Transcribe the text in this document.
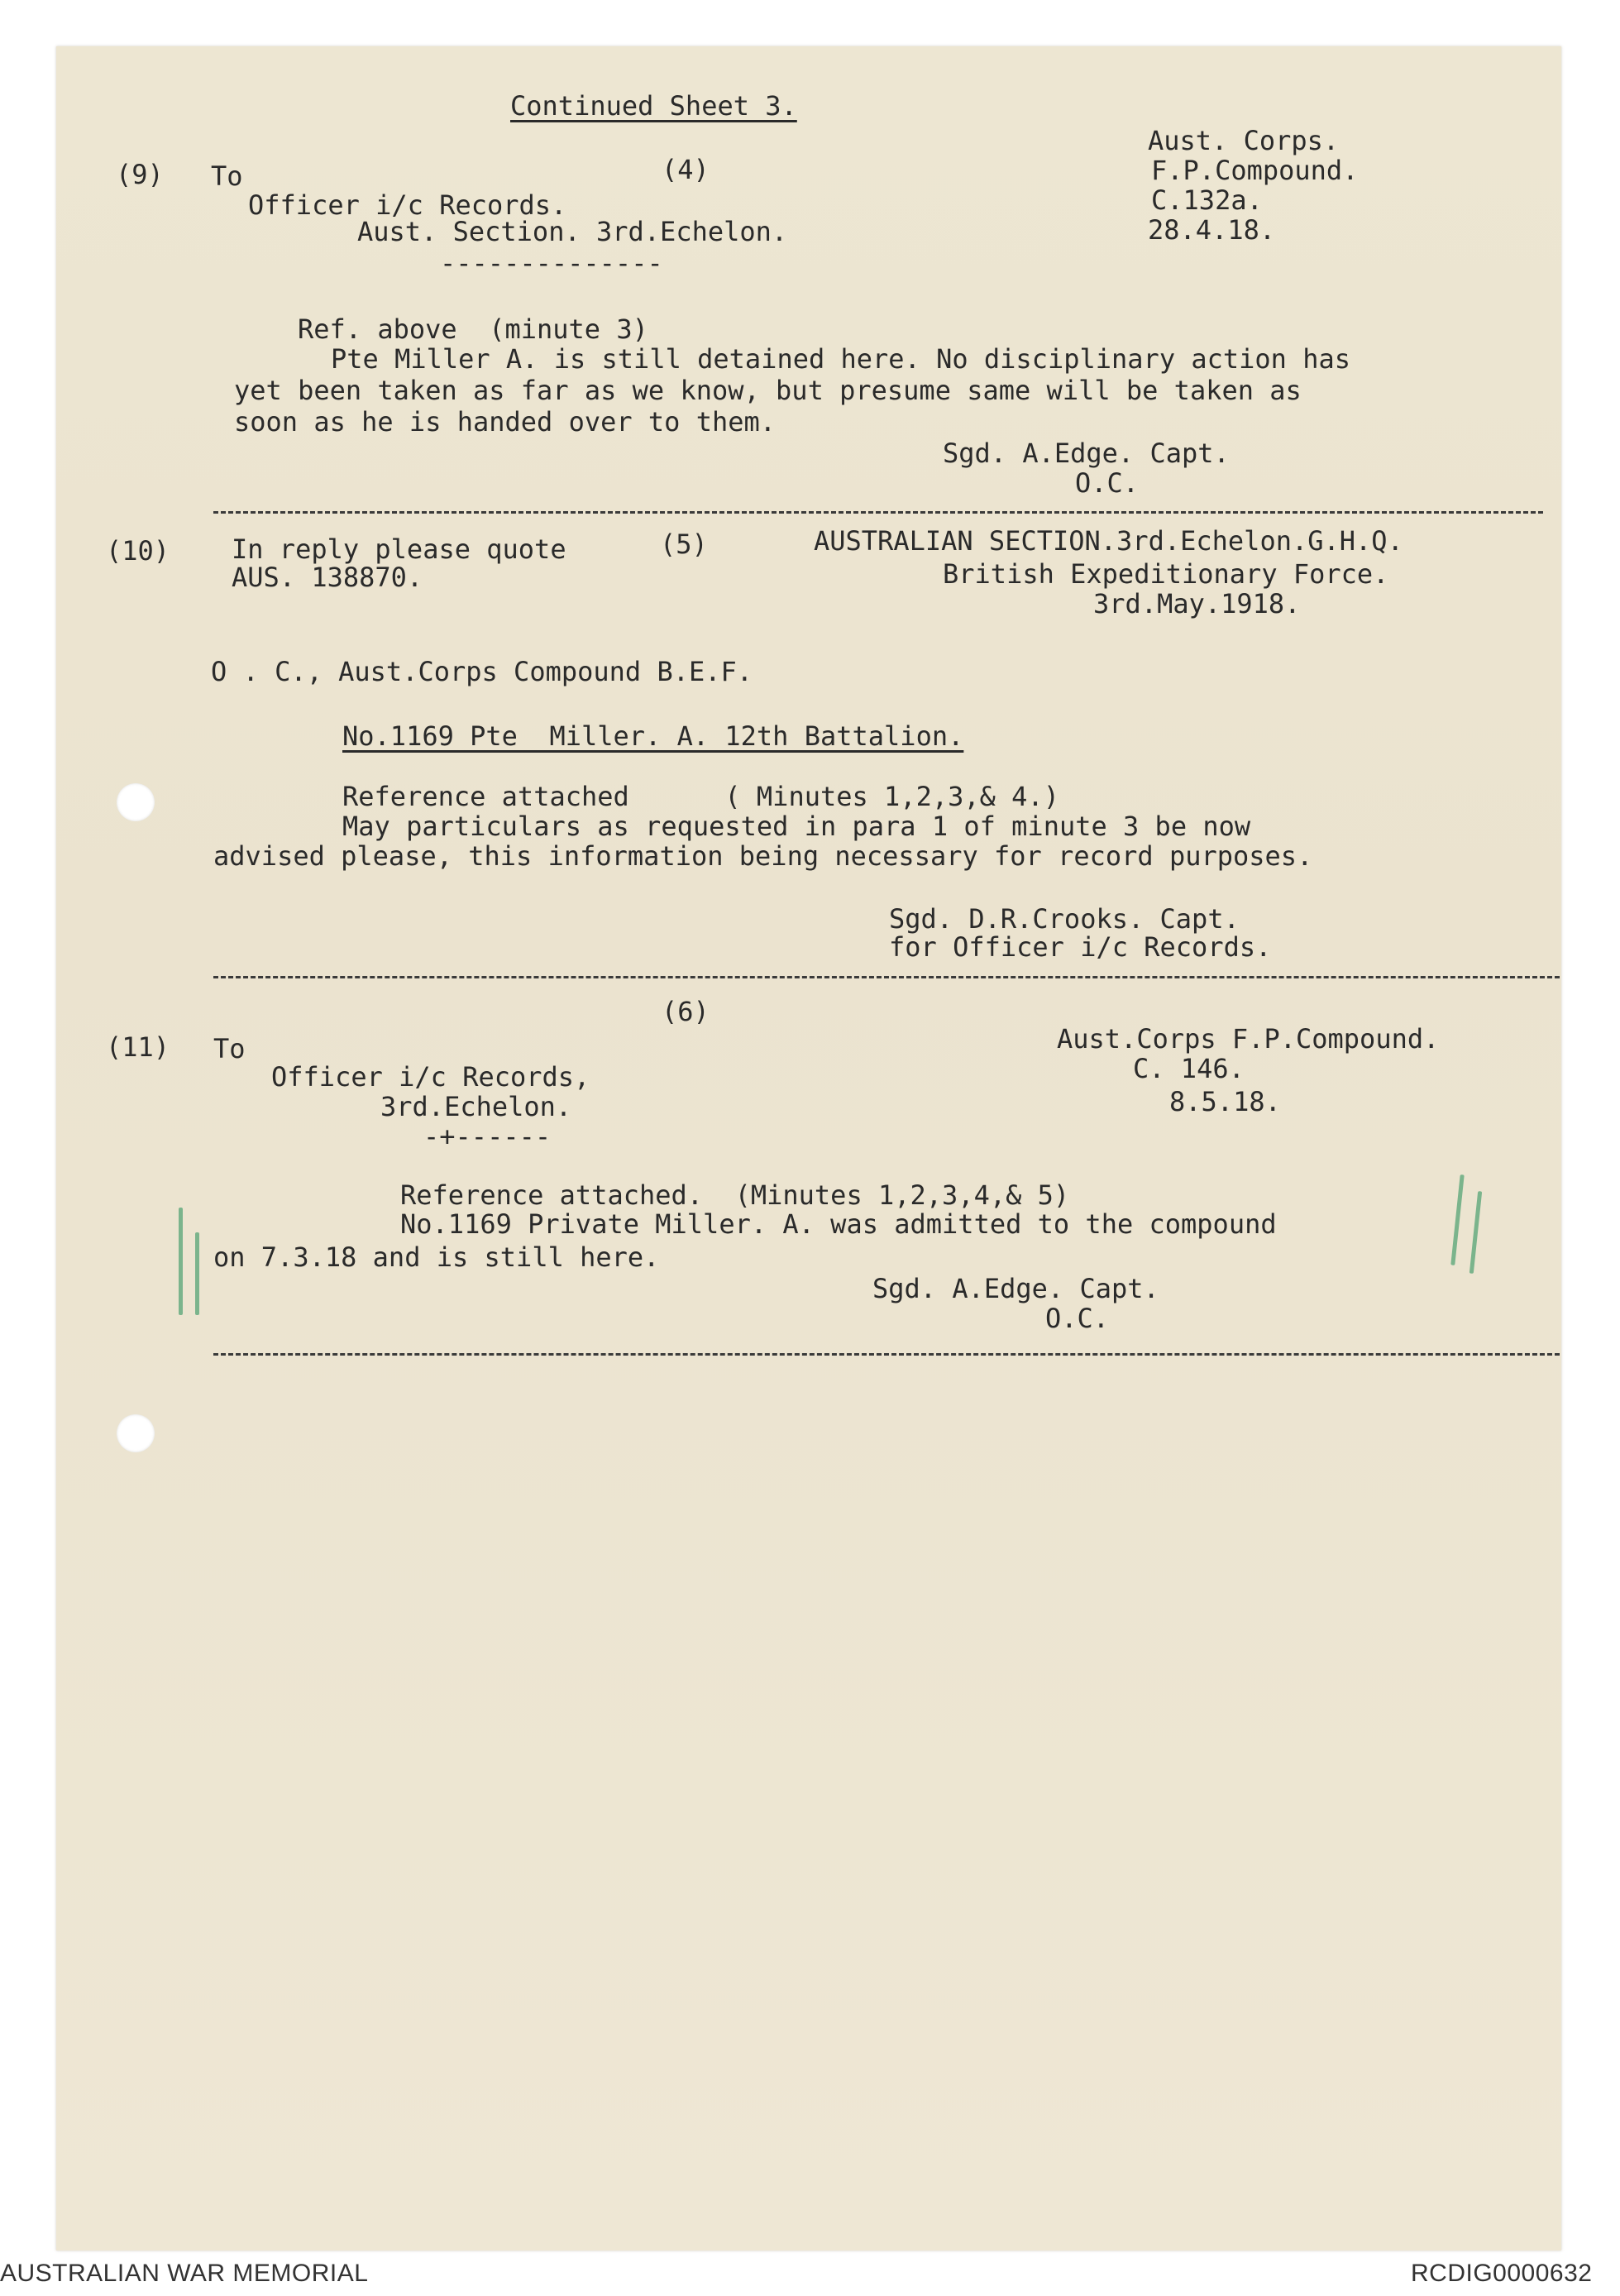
Continued Sheet 3.
(9) To	(4)
Officer i/c Records.
Aust. Section. 3rd.Echelon.
Aust. Corps.
F.P.Compound.
C.132a.
28.4.18.
--------------
Ref. above  (minute 3)
Pte Miller A. is still detained here. No disciplinary action has
yet been taken as far as we know, but presume same will be taken as
soon as he is handed over to them.
Sgd. A.Edge. Capt.
O.C.
(10) In reply please quote
AUS. 138870.
(5)	AUSTRALIAN SECTION.3rd.Echelon.G.H.Q.
British Expeditionary Force.
3rd.May.1918.
O . C., Aust.Corps Compound B.E.F.
No.1169 Pte  Miller. A. 12th Battalion.
Reference attached      ( Minutes 1,2,3,& 4.)
May particulars as requested in para 1 of minute 3 be now
advised please, this information being necessary for record purposes.
Sgd. D.R.Crooks. Capt.
for Officer i/c Records.
(11) To
(6)
Officer i/c Records,
3rd.Echelon.
-+------
Aust.Corps F.P.Compound.
C. 146.
8.5.18.
Reference attached.  (Minutes 1,2,3,4,& 5)
No.1169 Private Miller. A. was admitted to the compound
on 7.3.18 and is still here.
Sgd. A.Edge. Capt.
O.C.
AUSTRALIAN WAR MEMORIAL	RCDIG0000632
